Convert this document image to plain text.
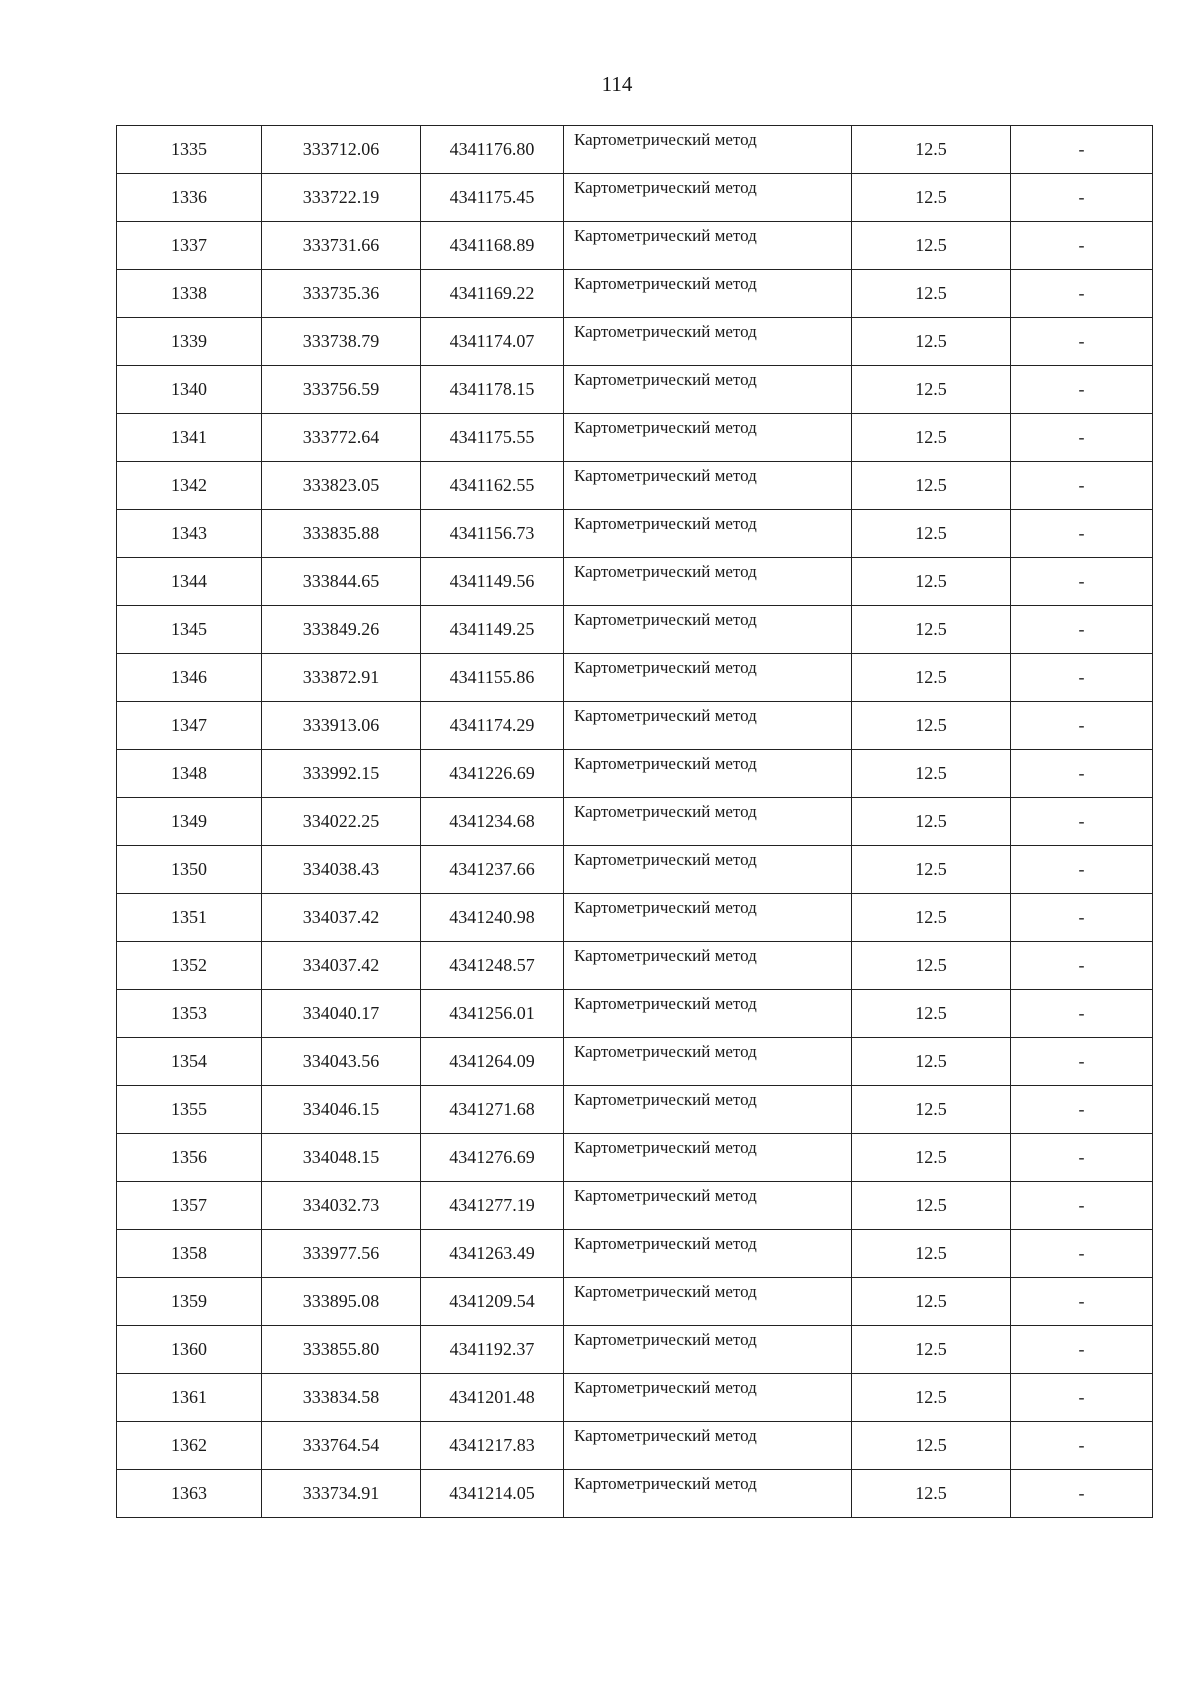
114
1335	333712.06	4341176.80	Картометрический метод	12.5	-
1336	333722.19	4341175.45	Картометрический метод	12.5	-
1337	333731.66	4341168.89	Картометрический метод	12.5	-
1338	333735.36	4341169.22	Картометрический метод	12.5	-
1339	333738.79	4341174.07	Картометрический метод	12.5	-
1340	333756.59	4341178.15	Картометрический метод	12.5	-
1341	333772.64	4341175.55	Картометрический метод	12.5	-
1342	333823.05	4341162.55	Картометрический метод	12.5	-
1343	333835.88	4341156.73	Картометрический метод	12.5	-
1344	333844.65	4341149.56	Картометрический метод	12.5	-
1345	333849.26	4341149.25	Картометрический метод	12.5	-
1346	333872.91	4341155.86	Картометрический метод	12.5	-
1347	333913.06	4341174.29	Картометрический метод	12.5	-
1348	333992.15	4341226.69	Картометрический метод	12.5	-
1349	334022.25	4341234.68	Картометрический метод	12.5	-
1350	334038.43	4341237.66	Картометрический метод	12.5	-
1351	334037.42	4341240.98	Картометрический метод	12.5	-
1352	334037.42	4341248.57	Картометрический метод	12.5	-
1353	334040.17	4341256.01	Картометрический метод	12.5	-
1354	334043.56	4341264.09	Картометрический метод	12.5	-
1355	334046.15	4341271.68	Картометрический метод	12.5	-
1356	334048.15	4341276.69	Картометрический метод	12.5	-
1357	334032.73	4341277.19	Картометрический метод	12.5	-
1358	333977.56	4341263.49	Картометрический метод	12.5	-
1359	333895.08	4341209.54	Картометрический метод	12.5	-
1360	333855.80	4341192.37	Картометрический метод	12.5	-
1361	333834.58	4341201.48	Картометрический метод	12.5	-
1362	333764.54	4341217.83	Картометрический метод	12.5	-
1363	333734.91	4341214.05	Картометрический метод	12.5	-
